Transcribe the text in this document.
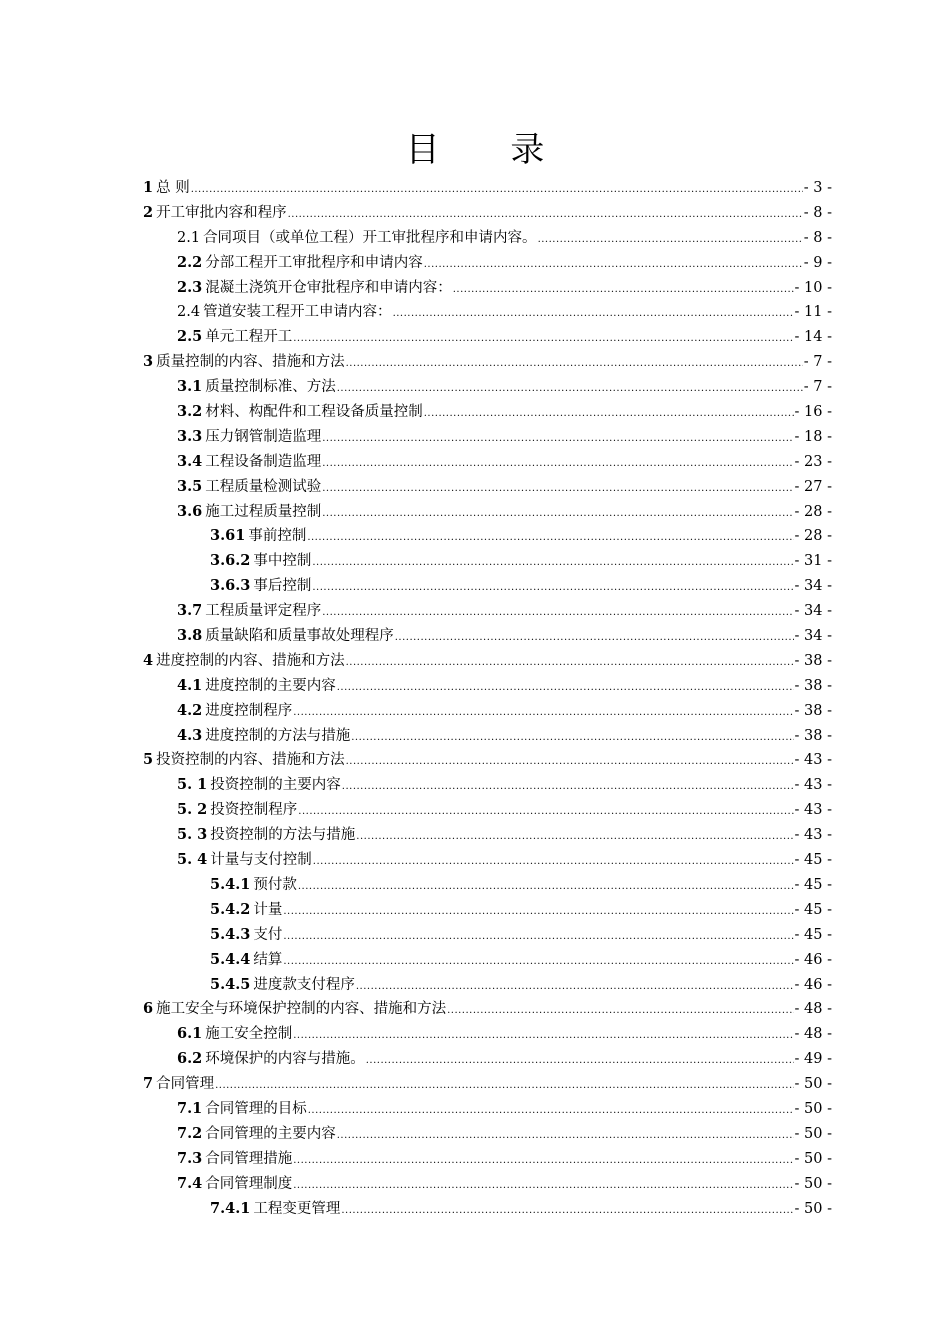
目 录
1 总 则 .....	- 3 -
2 开工审批内容和程序 .....	- 8 -
2.1 合同项目（或单位工程）开工审批程序和申请内容。 .....	- 8 -
2.2 分部工程开工审批程序和申请内容 .....	- 9 -
2.3 混凝土浇筑开仓审批程序和申请内容： .....	- 10 -
2.4 管道安装工程开工申请内容： .....	- 11 -
2.5 单元工程开工 .....	- 14 -
3 质量控制的内容、措施和方法 .....	- 7 -
3.1 质量控制标准、方法 .....	- 7 -
3.2 材料、构配件和工程设备质量控制 .....	- 16 -
3.3 压力钢管制造监理 .....	- 18 -
3.4 工程设备制造监理 .....	- 23 -
3.5 工程质量检测试验 .....	- 27 -
3.6 施工过程质量控制 .....	- 28 -
3.61 事前控制 .....	- 28 -
3.6.2 事中控制 .....	- 31 -
3.6.3 事后控制 .....	- 34 -
3.7 工程质量评定程序 .....	- 34 -
3.8 质量缺陷和质量事故处理程序 .....	- 34 -
4 进度控制的内容、措施和方法 .....	- 38 -
4.1 进度控制的主要内容 .....	- 38 -
4.2 进度控制程序 .....	- 38 -
4.3 进度控制的方法与措施 .....	- 38 -
5 投资控制的内容、措施和方法 .....	- 43 -
5. 1 投资控制的主要内容 .....	- 43 -
5. 2 投资控制程序 .....	- 43 -
5. 3 投资控制的方法与措施 .....	- 43 -
5. 4 计量与支付控制 .....	- 45 -
5.4.1 预付款 .....	- 45 -
5.4.2 计量 .....	- 45 -
5.4.3 支付 .....	- 45 -
5.4.4 结算 .....	- 46 -
5.4.5 进度款支付程序 .....	- 46 -
6 施工安全与环境保护控制的内容、措施和方法 .....	- 48 -
6.1 施工安全控制 .....	- 48 -
6.2 环境保护的内容与措施。 .....	- 49 -
7 合同管理 .....	- 50 -
7.1 合同管理的目标 .....	- 50 -
7.2 合同管理的主要内容 .....	- 50 -
7.3 合同管理措施 .....	- 50 -
7.4 合同管理制度 .....	- 50 -
7.4.1 工程变更管理 .....	- 50 -
